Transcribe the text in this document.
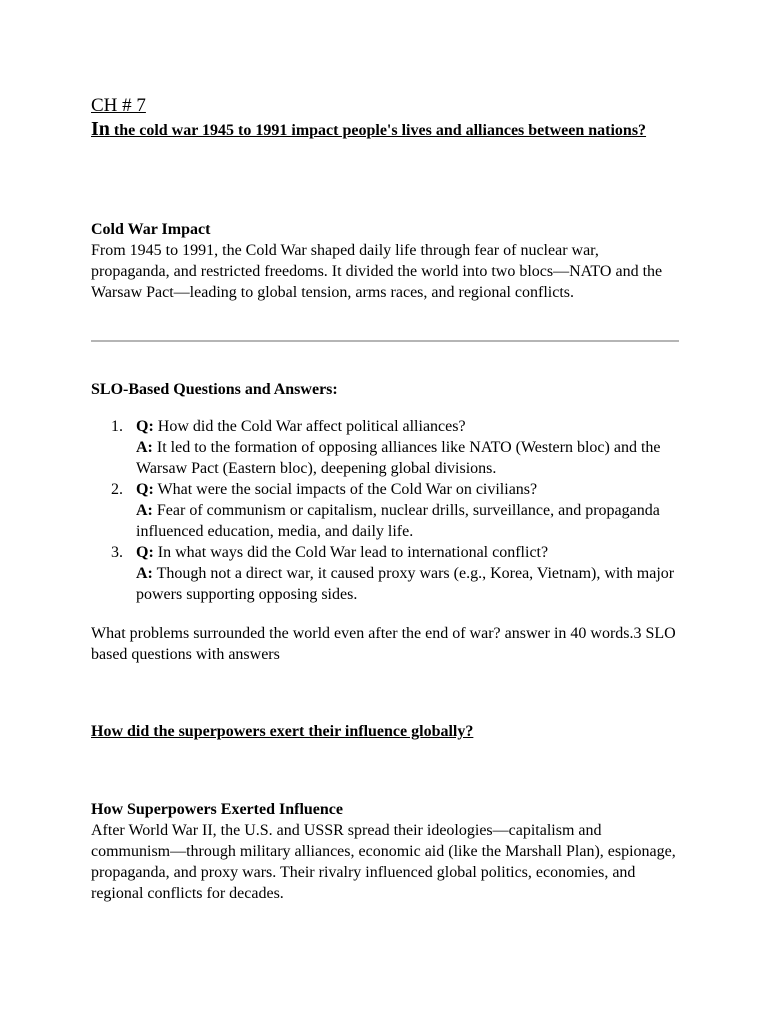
CH # 7
In the cold war 1945 to 1991 impact people's lives and alliances between nations?
Cold War Impact
From 1945 to 1991, the Cold War shaped daily life through fear of nuclear war, propaganda, and restricted freedoms. It divided the world into two blocs—NATO and the Warsaw Pact—leading to global tension, arms races, and regional conflicts.
SLO-Based Questions and Answers:
1. Q: How did the Cold War affect political alliances?
A: It led to the formation of opposing alliances like NATO (Western bloc) and the Warsaw Pact (Eastern bloc), deepening global divisions.
2. Q: What were the social impacts of the Cold War on civilians?
A: Fear of communism or capitalism, nuclear drills, surveillance, and propaganda influenced education, media, and daily life.
3. Q: In what ways did the Cold War lead to international conflict?
A: Though not a direct war, it caused proxy wars (e.g., Korea, Vietnam), with major powers supporting opposing sides.
What problems surrounded the world even after the end of war? answer in 40 words.3 SLO based questions with answers
How did the superpowers exert their influence globally?
How Superpowers Exerted Influence
After World War II, the U.S. and USSR spread their ideologies—capitalism and communism—through military alliances, economic aid (like the Marshall Plan), espionage, propaganda, and proxy wars. Their rivalry influenced global politics, economies, and regional conflicts for decades.
